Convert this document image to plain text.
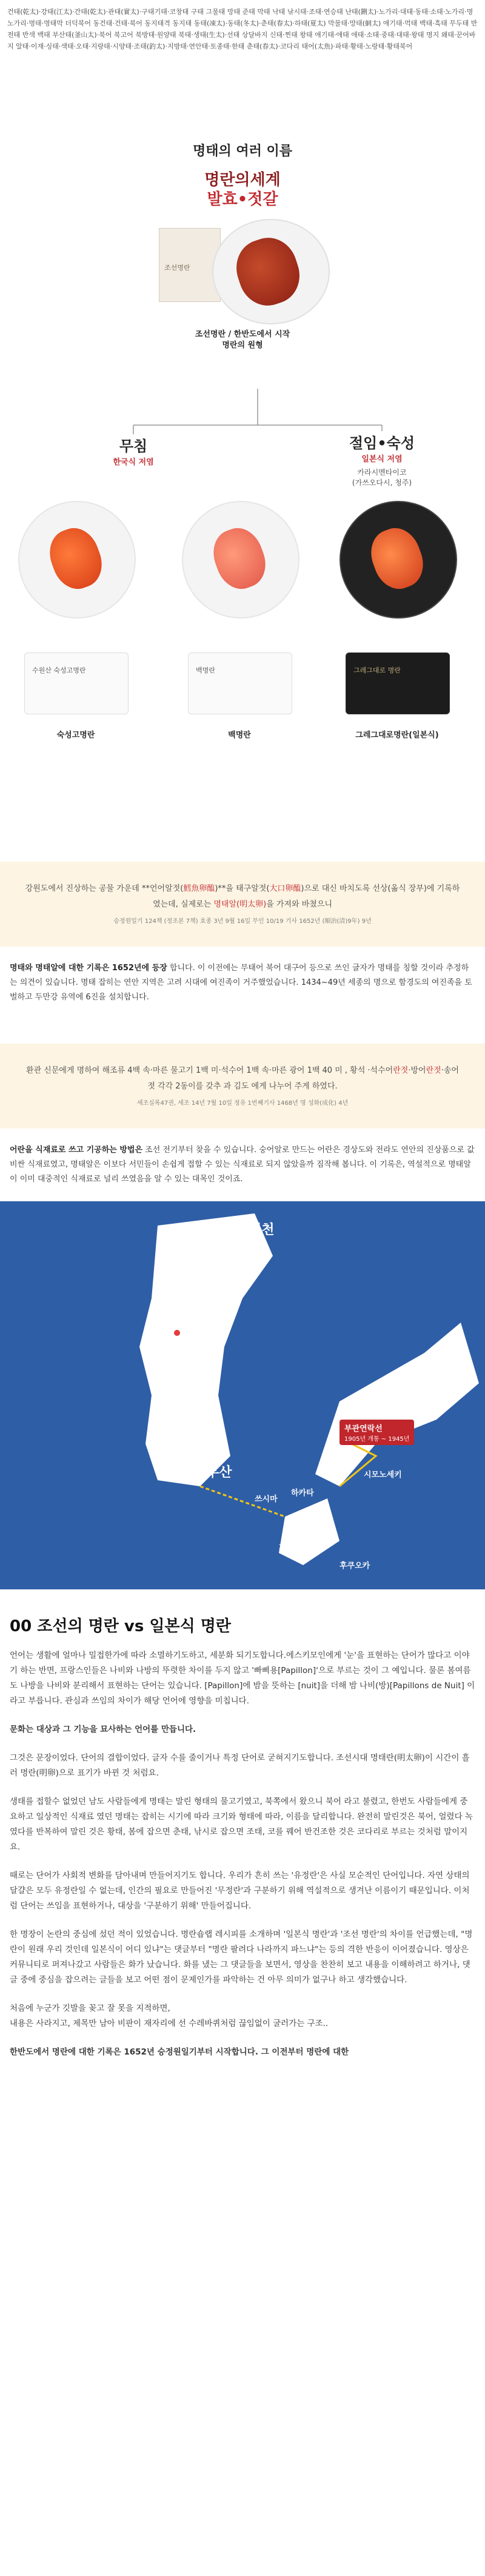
건태(乾太)·강태(江太)·간태(乾太)·관태(實太)·구태기태·코창태 구태 그물태 망태 준태 막태 낙태 낚시태·조태·연승태 난태(鉶太)·노가리·대태·동태·소태·노가리·명노가리·명태·명태막 더덕북어 동건태·건태·북어 동지태격 동지태 동태(凍太)·동태(冬太)·춘태(春太)·하태(夏太) 막물태·망태(網太) 애기태·먹태 백태·흑태 무두태 반전태 반색 백태 부산태(釜山太)·북어 북고어 북방태·원양태 북태·생태(生太)·선태 상달바지 신태·찐태 왕태 애기태·애태 애태·소태·중태·대태·왕태 명지 왜태·꾼어바지 알태·이재·싱태·색태·오태·지랑태·시양태·조태(釣太)·지방태·연안태·토종태·한태 춘태(春太)·코다리 태어(太魚)·파태·황태·노랑태·황태북어
명태의 여러 이름
명란의세계
발효•젓갈
조선명란
조선명란 / 한반도에서 시작
명란의 원형
무침
한국식 저염
절임•숙성
일본식 저염
카라시멘타이코
(가쓰오다시, 청주)
수원산 숙성고명란	백명란	그레그대로 명란
숙성고명란	백명란	그레그대로명란(일본식)
강원도에서 진상하는 공물 가운데 **언어알젓(鱈魚卵醢)**을 태구알젓(大口卵醢)으로 대신 바치도록 선상(옮식 장부)에 기록하였는데, 실제로는 명태알(明太卵)을 가져와 바쳤으니
승정원일기 124책 (정조본 7책) 효종 3년 9월 16일 무인 10/19 기사 1652년 (順治(清)9年) 9년
명태와 명태알에 대한 기록은 1652년에 등장 합니다. 이 이전에는 무태어 북어 대구어 등으로 쓰인 글자가 명태를 칭할 것이라 추정하는 의견이 있습니다. 명태 잡히는 연안 지역은 고려 시대에 여진족이 거주했었습니다. 1434~49년 세종의 명으로 함경도의 여진족을 토벌하고 두만강 유역에 6진을 설치합니다.
환관 신문에게 명하여 해조류 4백 속·마른 물고기 1백 미·석수어 1백 속·마른 광어 1백 40 미 , 황석 ·석수어란젓·방어란젓·송어젓 각각 2동이를 갖추 과 김도 에게 나누어 주게 하였다.
세조실록47권, 세조 14년 7월 10일 정유 1번째기사 1468년 명 성화(成化) 4년
어란을 식재료로 쓰고 기공하는 방법은 조선 전기부터 찾을 수 있습니다. 숭어알로 만드는 어란은 경상도와 전라도 연안의 진상품으로 값비싼 식재료였고, 명태알은 이보다 서민들이 손쉽게 접할 수 있는 식재료로 되지 않았을까 짐작해 봅니다. 이 기록은, 역설적으로 명태알이 이미 대중적인 식재료로 널리 쓰였음을 알 수 있는 대목인 것이죠.
명천
신포
원산
서울
공주
부산
하카타
쓰시마
가라츠
시모노세키
후쿠오카
부관연락선
1905년 개통 ~ 1945년
00 조선의 명란 vs 일본식 명란

언어는 생활에 얼마나 밀접한가에 따라 소멸하기도하고, 세분화 되기도합니다.에스키모인에게 '눈'을 표현하는 단어가 많다고 이야기 하는 반면, 프랑스인들은 나비와 나방의 뚜렷한 차이를 두지 않고 '빠삐용[Papillon]'으로 부르는 것이 그 예입니다. 물론 봄여름도 나방을 나비와 분리해서 표현하는 단어는 있습니다. [Papillon]에 밤을 뜻하는 [nuit]을 더해 밤 나비(방)[Papillons de Nuit] 이라고 부릅니다. 관심과 쓰임의 차이가 해당 언어에 영향을 미칩니다.

문화는 대상과 그 기능을 묘사하는 언어를 만듭니다.

그것은 문장이었다. 단어의 결합이었다. 글자 수를 줄이거나 특정 단어로 굳혀지기도합니다. 조선시대 명태란(明太卵)이 시간이 흘러 명란(明卵)으로 표기가 바뀐 것 처럼요.

생태를 접할수 없었던 남도 사람들에게 명태는 말린 형태의 물고기였고, 북쪽에서 왔으니 북어 라고 불렸고, 한번도 사람들에게 중요하고 일상적인 식재료 였던 명태는 잡히는 시기에 따라 크기와 형태에 따라, 이름을 달리합니다. 완전히 말린것은 북어, 얼렸다 녹였다를 반복하여 말린 것은 황태, 봄에 잡으면 춘태, 낚시로 잡으면 조태, 코를 꿰어 반건조한 것은 코다리로 부르는 것처럼 말이지요.

때로는 단어가 사회적 변화를 담아내며 만들어지기도 합니다. 우리가 흔히 쓰는 '유정란'은 사실 모순적인 단어입니다. 자연 상태의 달걀은 모두 유정란일 수 없는데, 인간의 필요로 만들어진 '무정란'과 구분하기 위해 역설적으로 생겨난 이름이기 때문입니다. 이처럼 단어는 쓰임을 표현하거나, 대상을 '구분하기 위해' 만들어집니다.

한 명장이 논란의 중심에 섰던 적이 있었습니다. 명란숍랩 레시피를 소개하며 '일본식 명란'과 '조선 명란'의 차이를 언급했는데, "명란이 원래 우리 것인데 일본식이 어디 있냐"는 댓글부터 "명란 팔려다 나라까지 파느냐"는 등의 격한 반응이 이어졌습니다. 영상은 커뮤니티로 퍼져나갔고 사람들은 화가 났습니다. 화를 냈는 그 댓글들을 보면서, 영상을 찬찬히 보고 내용을 이해하려고 하거나, 댓글 중에 중심을 잡으려는 글들을 보고 어떤 점이 문제인가를 파악하는 건 아무 의미가 없구나 하고 생각했습니다.

처음에 누군가 깃발을 꽂고 잘 못을 지적하면,
내용은 사라지고, 제목만 남아 비판이 재자리에 선 수레바퀴처럼 끊임없이 굴러가는 구조..

한반도에서 명란에 대한 기록은 1652년 승정원일기부터 시작합니다. 그 이전부터 명란에 대한
